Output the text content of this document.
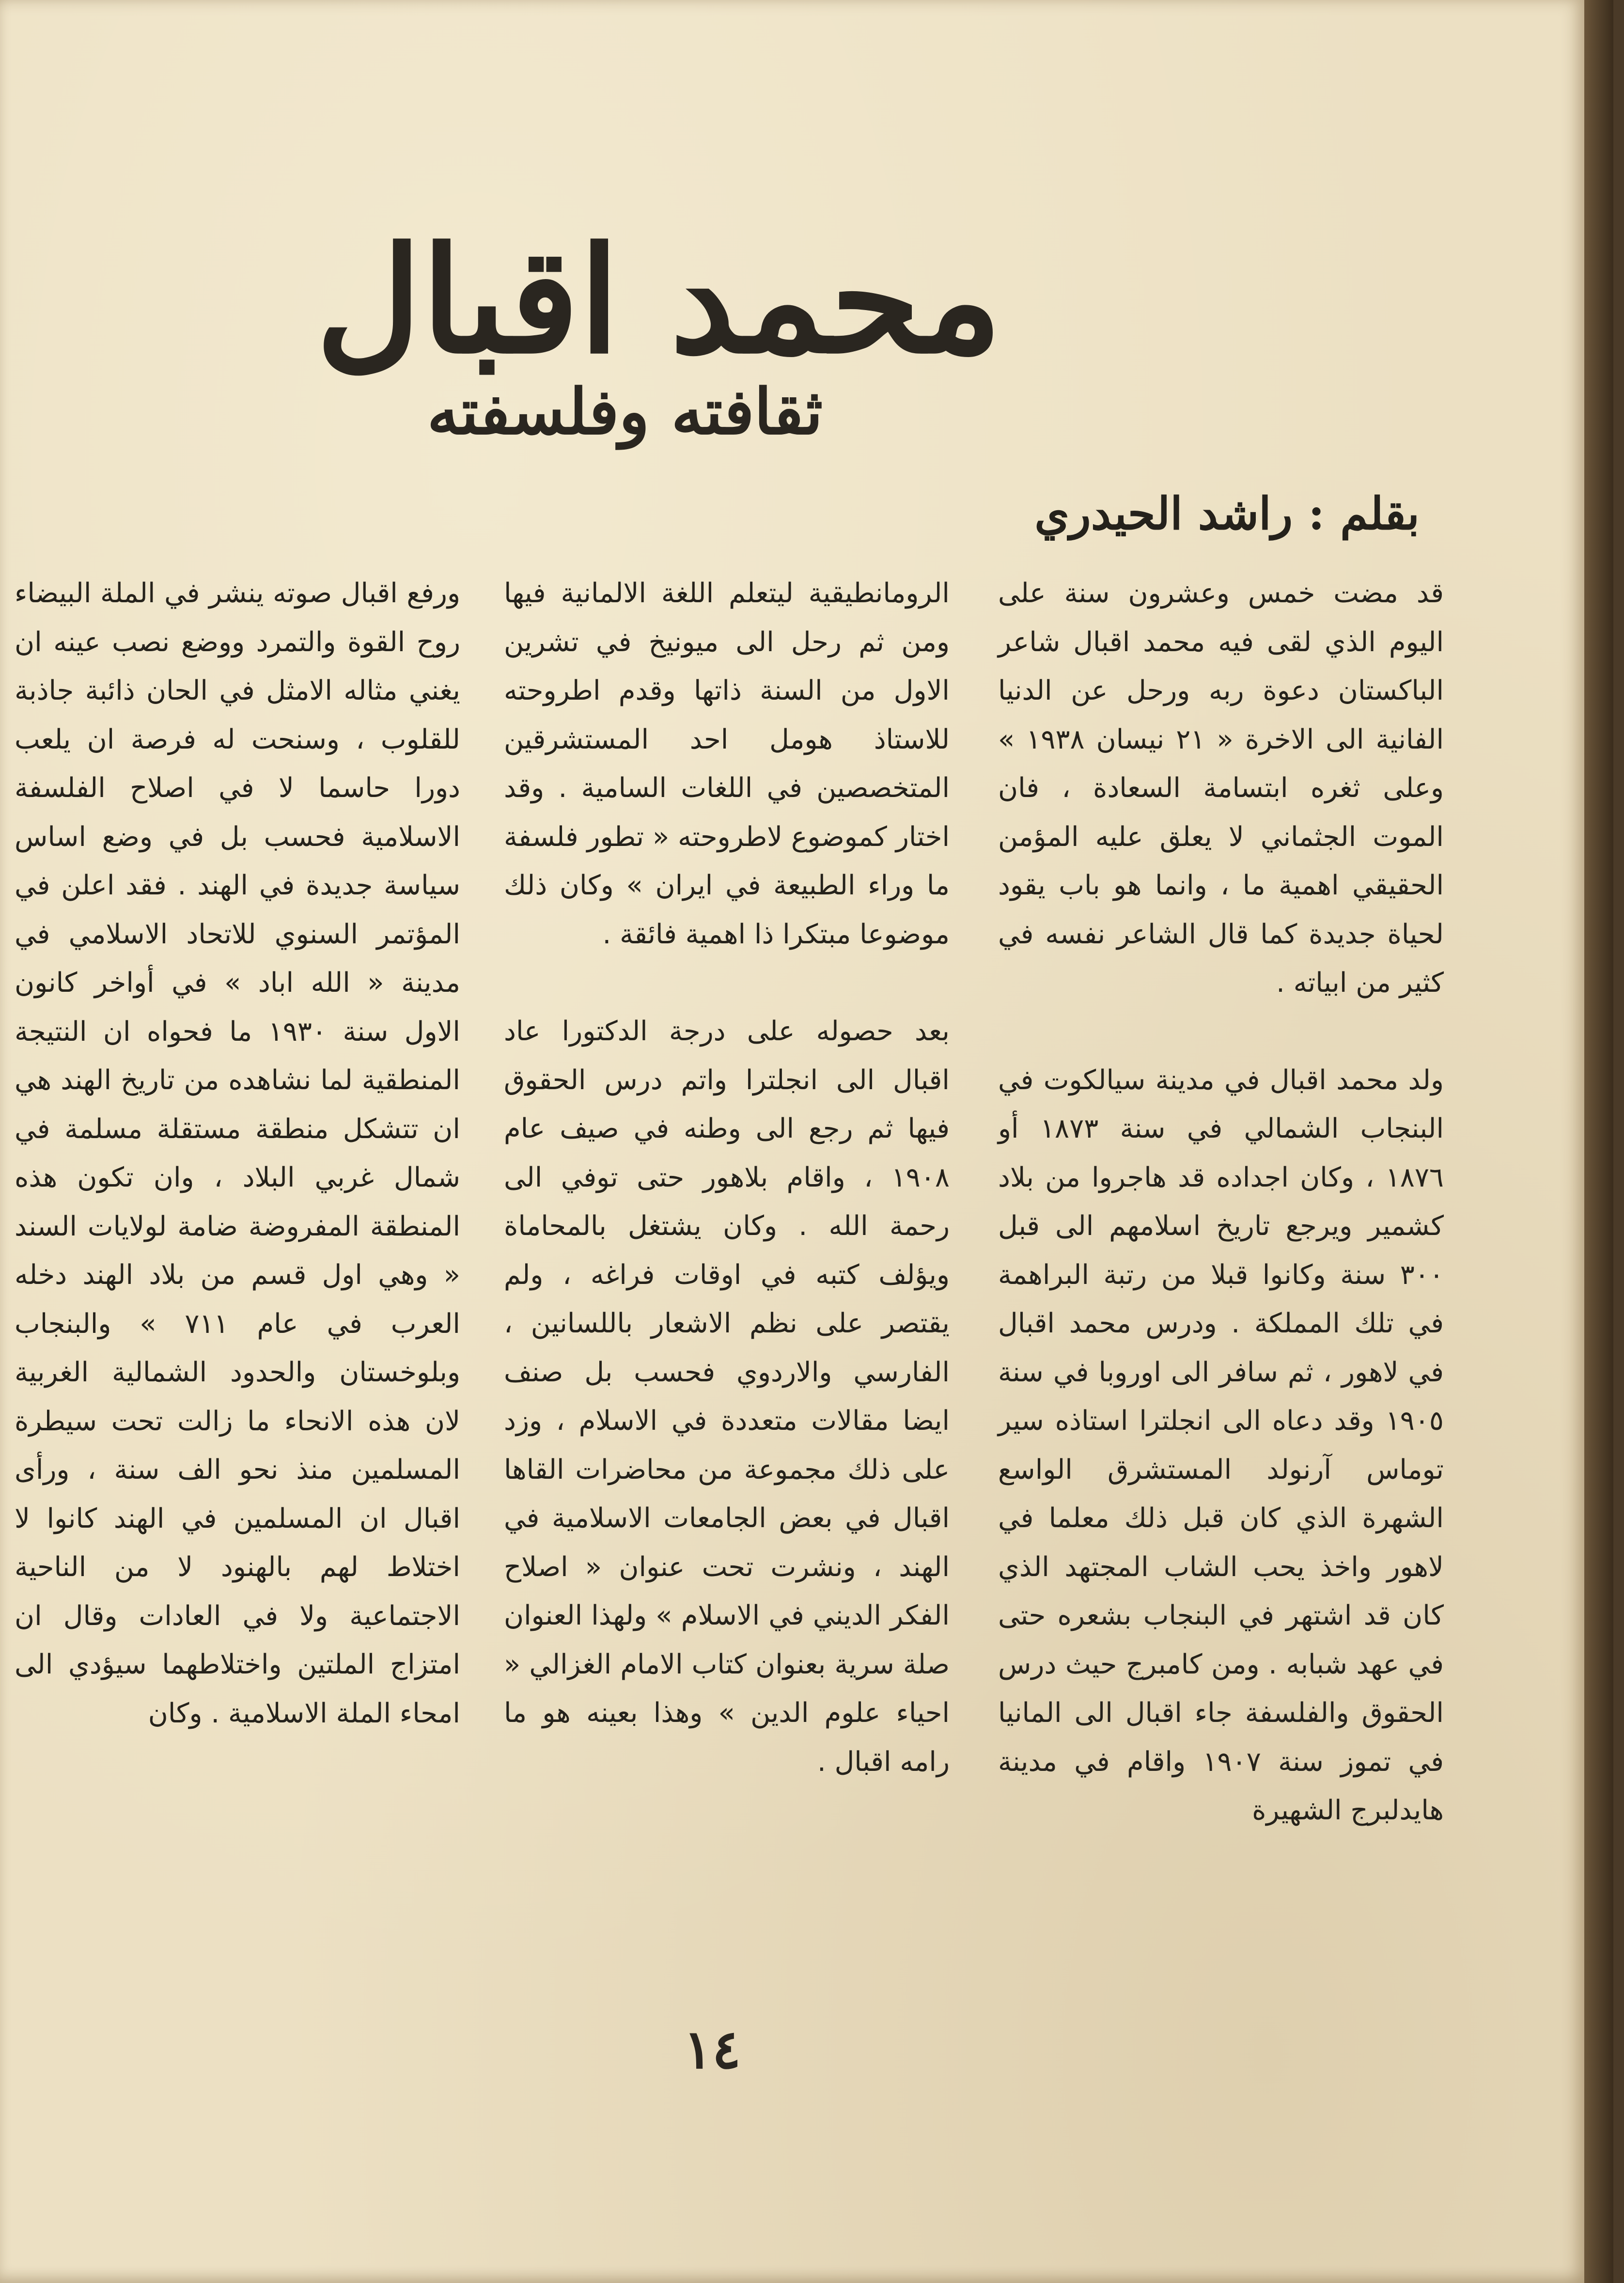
محمد اقبال
ثقافته وفلسفته
بقلم : راشد الحيدري

قد مضت خمس وعشرون سنة على اليوم الذي لقى فيه محمد اقبال شاعر الباكستان دعوة ربه ورحل عن الدنيا الفانية الى الاخرة « ٢١ نيسان ١٩٣٨ » وعلى ثغره ابتسامة السعادة ، فان الموت الجثماني لا يعلق عليه المؤمن الحقيقي اهمية ما ، وانما هو باب يقود لحياة جديدة كما قال الشاعر نفسه في كثير من ابياته .

ولد محمد اقبال في مدينة سيالكوت في البنجاب الشمالي في سنة ١٨٧٣ أو ١٨٧٦ ، وكان اجداده قد هاجروا من بلاد كشمير ويرجع تاريخ اسلامهم الى قبل ٣٠٠ سنة وكانوا قبلا من رتبة البراهمة في تلك المملكة . ودرس محمد اقبال في لاهور ، ثم سافر الى اوروبا في سنة ١٩٠٥ وقد دعاه الى انجلترا استاذه سير توماس آرنولد المستشرق الواسع الشهرة الذي كان قبل ذلك معلما في لاهور واخذ يحب الشاب المجتهد الذي كان قد اشتهر في البنجاب بشعره حتى في عهد شبابه . ومن كامبرج حيث درس الحقوق والفلسفة جاء اقبال الى المانيا في تموز سنة ١٩٠٧ واقام في مدينة هايدلبرج الشهيرة

الرومانطيقية ليتعلم اللغة الالمانية فيها ومن ثم رحل الى ميونيخ في تشرين الاول من السنة ذاتها وقدم اطروحته للاستاذ هومل احد المستشرقين المتخصصين في اللغات السامية . وقد اختار كموضوع لاطروحته « تطور فلسفة ما وراء الطبيعة في ايران » وكان ذلك موضوعا مبتكرا ذا اهمية فائقة .

بعد حصوله على درجة الدكتورا عاد اقبال الى انجلترا واتم درس الحقوق فيها ثم رجع الى وطنه في صيف عام ١٩٠٨ ، واقام بلاهور حتى توفي الى رحمة الله . وكان يشتغل بالمحاماة ويؤلف كتبه في اوقات فراغه ، ولم يقتصر على نظم الاشعار باللسانين ، الفارسي والاردوي فحسب بل صنف ايضا مقالات متعددة في الاسلام ، وزد على ذلك مجموعة من محاضرات القاها اقبال في بعض الجامعات الاسلامية في الهند ، ونشرت تحت عنوان « اصلاح الفكر الديني في الاسلام » ولهذا العنوان صلة سرية بعنوان كتاب الامام الغزالي « احياء علوم الدين » وهذا بعينه هو ما رامه اقبال .

ورفع اقبال صوته ينشر في الملة البيضاء روح القوة والتمرد ووضع نصب عينه ان يغني مثاله الامثل في الحان ذائبة جاذبة للقلوب ، وسنحت له فرصة ان يلعب دورا حاسما لا في اصلاح الفلسفة الاسلامية فحسب بل في وضع اساس سياسة جديدة في الهند . فقد اعلن في المؤتمر السنوي للاتحاد الاسلامي في مدينة « الله اباد » في أواخر كانون الاول سنة ١٩٣٠ ما فحواه ان النتيجة المنطقية لما نشاهده من تاريخ الهند هي ان تتشكل منطقة مستقلة مسلمة في شمال غربي البلاد ، وان تكون هذه المنطقة المفروضة ضامة لولايات السند « وهي اول قسم من بلاد الهند دخله العرب في عام ٧١١ » والبنجاب وبلوخستان والحدود الشمالية الغربية لان هذه الانحاء ما زالت تحت سيطرة المسلمين منذ نحو الف سنة ، ورأى اقبال ان المسلمين في الهند كانوا لا اختلاط لهم بالهنود لا من الناحية الاجتماعية ولا في العادات وقال ان امتزاج الملتين واختلاطهما سيؤدي الى امحاء الملة الاسلامية . وكان

١٤
